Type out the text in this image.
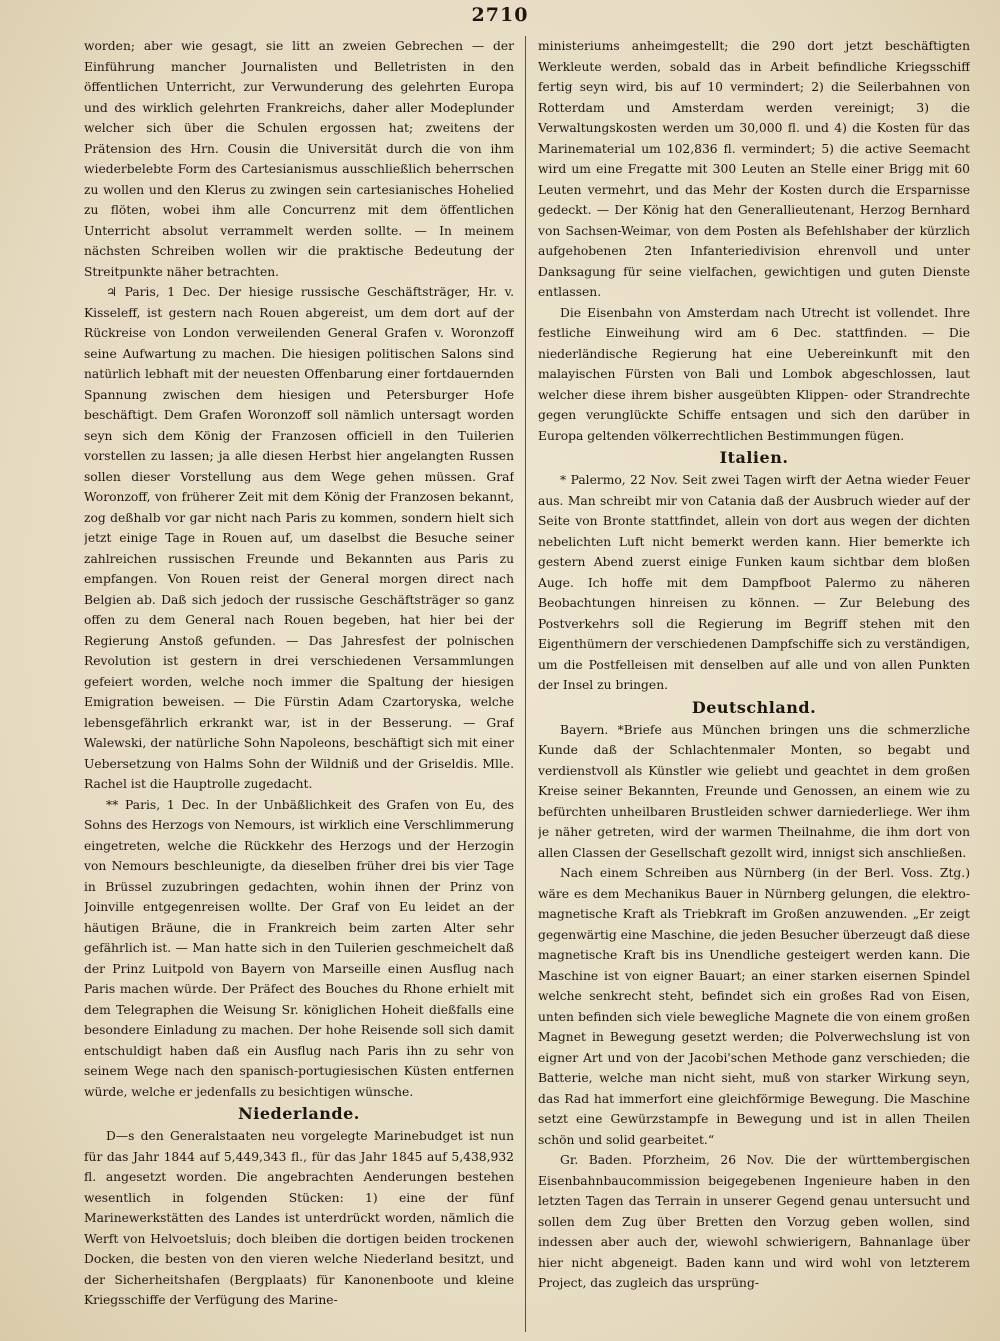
2710

worden; aber wie gesagt, sie litt an zweien Gebrechen — der Einführung mancher Journalisten und Belletristen in den öffentlichen Unterricht, zur Verwunderung des gelehrten Europa und des wirklich gelehrten Frankreichs, daher aller Modeplunder welcher sich über die Schulen ergossen hat; zweitens der Prätension des Hrn. Cousin die Universität durch die von ihm wiederbelebte Form des Cartesianismus ausschließlich beherrschen zu wollen und den Klerus zu zwingen sein cartesianisches Hohelied zu flöten, wobei ihm alle Concurrenz mit dem öffentlichen Unterricht absolut verrammelt werden sollte. — In meinem nächsten Schreiben wollen wir die praktische Bedeutung der Streitpunkte näher betrachten.

♃ Paris, 1 Dec. Der hiesige russische Geschäftsträger, Hr. v. Kisseleff, ist gestern nach Rouen abgereist, um dem dort auf der Rückreise von London verweilenden General Grafen v. Woronzoff seine Aufwartung zu machen. Die hiesigen politischen Salons sind natürlich lebhaft mit der neuesten Offenbarung einer fortdauernden Spannung zwischen dem hiesigen und Petersburger Hofe beschäftigt. Dem Grafen Woronzoff soll nämlich untersagt worden seyn sich dem König der Franzosen officiell in den Tuilerien vorstellen zu lassen; ja alle diesen Herbst hier angelangten Russen sollen dieser Vorstellung aus dem Wege gehen müssen. Graf Woronzoff, von früherer Zeit mit dem König der Franzosen bekannt, zog deßhalb vor gar nicht nach Paris zu kommen, sondern hielt sich jetzt einige Tage in Rouen auf, um daselbst die Besuche seiner zahlreichen russischen Freunde und Bekannten aus Paris zu empfangen. Von Rouen reist der General morgen direct nach Belgien ab. Daß sich jedoch der russische Geschäftsträger so ganz offen zu dem General nach Rouen begeben, hat hier bei der Regierung Anstoß gefunden. — Das Jahresfest der polnischen Revolution ist gestern in drei verschiedenen Versammlungen gefeiert worden, welche noch immer die Spaltung der hiesigen Emigration beweisen. — Die Fürstin Adam Czartoryska, welche lebensgefährlich erkrankt war, ist in der Besserung. — Graf Walewski, der natürliche Sohn Napoleons, beschäftigt sich mit einer Uebersetzung von Halms Sohn der Wildniß und der Griseldis. Mlle. Rachel ist die Hauptrolle zugedacht.

** Paris, 1 Dec. In der Unbäßlichkeit des Grafen von Eu, des Sohns des Herzogs von Nemours, ist wirklich eine Verschlimmerung eingetreten, welche die Rückkehr des Herzogs und der Herzogin von Nemours beschleunigte, da dieselben früher drei bis vier Tage in Brüssel zuzubringen gedachten, wohin ihnen der Prinz von Joinville entgegenreisen wollte. Der Graf von Eu leidet an der häutigen Bräune, die in Frankreich beim zarten Alter sehr gefährlich ist. — Man hatte sich in den Tuilerien geschmeichelt daß der Prinz Luitpold von Bayern von Marseille einen Ausflug nach Paris machen würde. Der Präfect des Bouches du Rhone erhielt mit dem Telegraphen die Weisung Sr. königlichen Hoheit dießfalls eine besondere Einladung zu machen. Der hohe Reisende soll sich damit entschuldigt haben daß ein Ausflug nach Paris ihn zu sehr von seinem Wege nach den spanisch-portugiesischen Küsten entfernen würde, welche er jedenfalls zu besichtigen wünsche.

Niederlande.

D—s den Generalstaaten neu vorgelegte Marinebudget ist nun für das Jahr 1844 auf 5,449,343 fl., für das Jahr 1845 auf 5,438,932 fl. angesetzt worden. Die angebrachten Aenderungen bestehen wesentlich in folgenden Stücken: 1) eine der fünf Marinewerkstätten des Landes ist unterdrückt worden, nämlich die Werft von Helvoetsluis; doch bleiben die dortigen beiden trockenen Docken, die besten von den vieren welche Niederland besitzt, und der Sicherheitshafen (Bergplaats) für Kanonenboote und kleine Kriegsschiffe der Verfügung des Marine-

ministeriums anheimgestellt; die 290 dort jetzt beschäftigten Werkleute werden, sobald das in Arbeit befindliche Kriegsschiff fertig seyn wird, bis auf 10 vermindert; 2) die Seilerbahnen von Rotterdam und Amsterdam werden vereinigt; 3) die Verwaltungskosten werden um 30,000 fl. und 4) die Kosten für das Marinematerial um 102,836 fl. vermindert; 5) die active Seemacht wird um eine Fregatte mit 300 Leuten an Stelle einer Brigg mit 60 Leuten vermehrt, und das Mehr der Kosten durch die Ersparnisse gedeckt. — Der König hat den Generallieutenant, Herzog Bernhard von Sachsen-Weimar, von dem Posten als Befehlshaber der kürzlich aufgehobenen 2ten Infanteriedivision ehrenvoll und unter Danksagung für seine vielfachen, gewichtigen und guten Dienste entlassen.

Die Eisenbahn von Amsterdam nach Utrecht ist vollendet. Ihre festliche Einweihung wird am 6 Dec. stattfinden. — Die niederländische Regierung hat eine Uebereinkunft mit den malayischen Fürsten von Bali und Lombok abgeschlossen, laut welcher diese ihrem bisher ausgeübten Klippen- oder Strandrechte gegen verunglückte Schiffe entsagen und sich den darüber in Europa geltenden völkerrechtlichen Bestimmungen fügen.

Italien.

* Palermo, 22 Nov. Seit zwei Tagen wirft der Aetna wieder Feuer aus. Man schreibt mir von Catania daß der Ausbruch wieder auf der Seite von Bronte stattfindet, allein von dort aus wegen der dichten nebelichten Luft nicht bemerkt werden kann. Hier bemerkte ich gestern Abend zuerst einige Funken kaum sichtbar dem bloßen Auge. Ich hoffe mit dem Dampfboot Palermo zu näheren Beobachtungen hinreisen zu können. — Zur Belebung des Postverkehrs soll die Regierung im Begriff stehen mit den Eigenthümern der verschiedenen Dampfschiffe sich zu verständigen, um die Postfelleisen mit denselben auf alle und von allen Punkten der Insel zu bringen.

Deutschland.

Bayern. *Briefe aus München bringen uns die schmerzliche Kunde daß der Schlachtenmaler Monten, so begabt und verdienstvoll als Künstler wie geliebt und geachtet in dem großen Kreise seiner Bekannten, Freunde und Genossen, an einem wie zu befürchten unheilbaren Brustleiden schwer darniederliege. Wer ihm je näher getreten, wird der warmen Theilnahme, die ihm dort von allen Classen der Gesellschaft gezollt wird, innigst sich anschließen.

Nach einem Schreiben aus Nürnberg (in der Berl. Voss. Ztg.) wäre es dem Mechanikus Bauer in Nürnberg gelungen, die elektro-magnetische Kraft als Triebkraft im Großen anzuwenden. „Er zeigt gegenwärtig eine Maschine, die jeden Besucher überzeugt daß diese magnetische Kraft bis ins Unendliche gesteigert werden kann. Die Maschine ist von eigner Bauart; an einer starken eisernen Spindel welche senkrecht steht, befindet sich ein großes Rad von Eisen, unten befinden sich viele bewegliche Magnete die von einem großen Magnet in Bewegung gesetzt werden; die Polverwechslung ist von eigner Art und von der Jacobi'schen Methode ganz verschieden; die Batterie, welche man nicht sieht, muß von starker Wirkung seyn, das Rad hat immerfort eine gleichförmige Bewegung. Die Maschine setzt eine Gewürzstampfe in Bewegung und ist in allen Theilen schön und solid gearbeitet.“

Gr. Baden. Pforzheim, 26 Nov. Die der württembergischen Eisenbahnbaucommission beigegebenen Ingenieure haben in den letzten Tagen das Terrain in unserer Gegend genau untersucht und sollen dem Zug über Bretten den Vorzug geben wollen, sind indessen aber auch der, wiewohl schwierigern, Bahnanlage über hier nicht abgeneigt. Baden kann und wird wohl von letzterem Project, das zugleich das ursprüng-
